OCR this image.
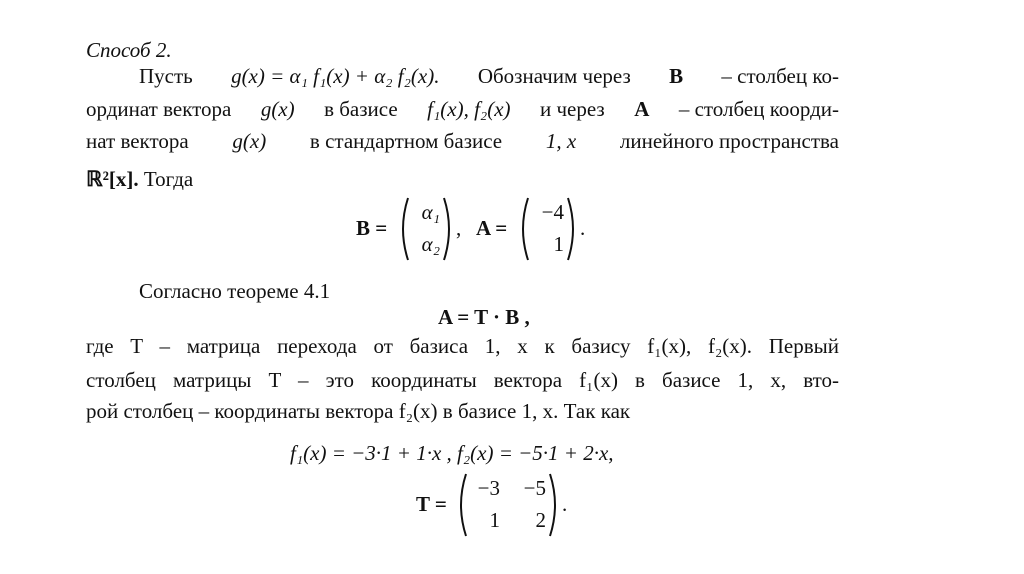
Способ 2.
Пусть g(x) = α₁ f₁(x) + α₂ f₂(x). Обозначим через B – столбец ко-
ординат вектора g(x) в базисе f₁(x), f₂(x) и через A – столбец коорди-
нат вектора g(x) в стандартном базисе 1, x линейного пространства
ℝ²[x]. Тогда
B =
α₁
α₂
, A =
−4
1
.
Согласно теореме 4.1
A = T · B ,
где T – матрица перехода от базиса 1, x к базису f₁(x), f₂(x). Первый
столбец матрицы T – это координаты вектора f₁(x) в базисе 1, x, вто-
рой столбец – координаты вектора f₂(x) в базисе 1, x. Так как
f₁(x) = −3·1 + 1·x , f₂(x) = −5·1 + 2·x,
T =
−3	−5
1	2
.
